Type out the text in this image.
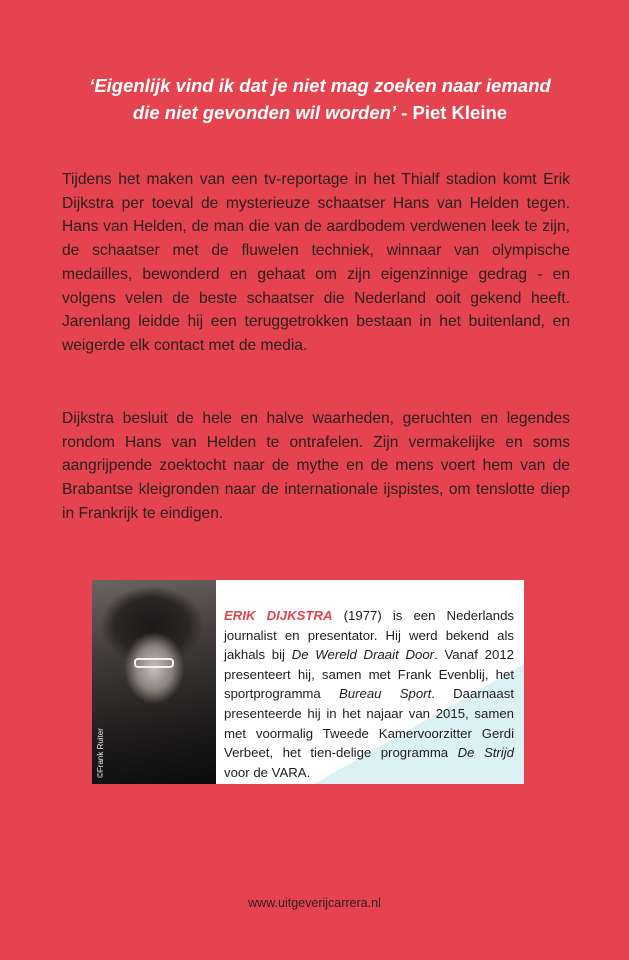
‘Eigenlijk vind ik dat je niet mag zoeken naar iemand
die niet gevonden wil worden’ - Piet Kleine

Tijdens het maken van een tv-reportage in het Thialf stadion komt Erik Dijkstra per toeval de mysterieuze schaatser Hans van Helden tegen. Hans van Helden, de man die van de aardbodem verdwenen leek te zijn, de schaatser met de fluwelen techniek, winnaar van olympische medailles, bewonderd en gehaat om zijn eigenzinnige gedrag - en volgens velen de beste schaatser die Nederland ooit gekend heeft. Jarenlang leidde hij een teruggetrokken bestaan in het buitenland, en weigerde elk contact met de media.

Dijkstra besluit de hele en halve waarheden, geruchten en legendes rondom Hans van Helden te ontrafelen. Zijn vermakelijke en soms aangrijpende zoektocht naar de mythe en de mens voert hem van de Brabantse kleigronden naar de internationale ijspistes, om tenslotte diep in Frankrijk te eindigen.

©Frank Ruiter

ERIK DIJKSTRA (1977) is een Nederlands journalist en presentator. Hij werd bekend als jakhals bij De Wereld Draait Door. Vanaf 2012 presenteert hij, samen met Frank Evenblij, het sportprogramma Bureau Sport. Daarnaast presenteerde hij in het najaar van 2015, samen met voormalig Tweede Kamervoorzitter Gerdi Verbeet, het tien-delige programma De Strijd voor de VARA.

www.uitgeverijcarrera.nl
